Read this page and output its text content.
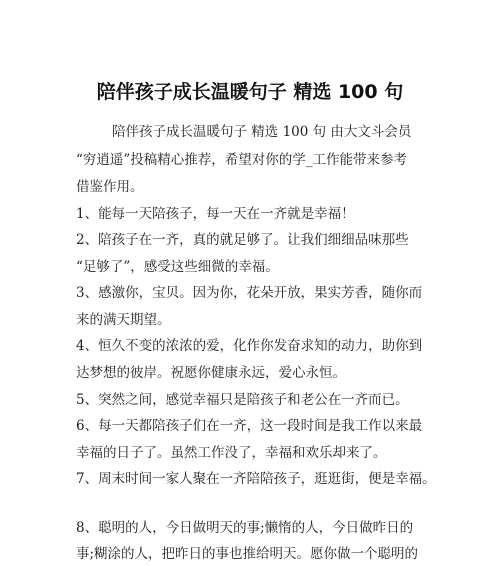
陪伴孩子成长温暖句子 精选 100 句
陪伴孩子成长温暖句子 精选 100 句 由大文斗会员
“穷逍遥”投稿精心推荐，希望对你的学_工作能带来参考
借鉴作用。
1、能每一天陪孩子，每一天在一齐就是幸福！
2、陪孩子在一齐，真的就足够了。让我们细细品味那些
“足够了”，感受这些细微的幸福。
3、感激你，宝贝。因为你，花朵开放，果实芳香，随你而
来的满天期望。
4、恒久不变的浓浓的爱，化作你发奋求知的动力，助你到
达梦想的彼岸。祝愿你健康永远，爱心永恒。
5、突然之间，感觉幸福只是陪孩子和老公在一齐而已。
6、每一天都陪孩子们在一齐，这一段时间是我工作以来最
幸福的日子了。虽然工作没了，幸福和欢乐却来了。
7、周末时间一家人聚在一齐陪陪孩子，逛逛街，便是幸福。
8、聪明的人，今日做明天的事;懒惰的人，今日做昨日的
事;糊涂的人，把昨日的事也推给明天。愿你做一个聪明的
